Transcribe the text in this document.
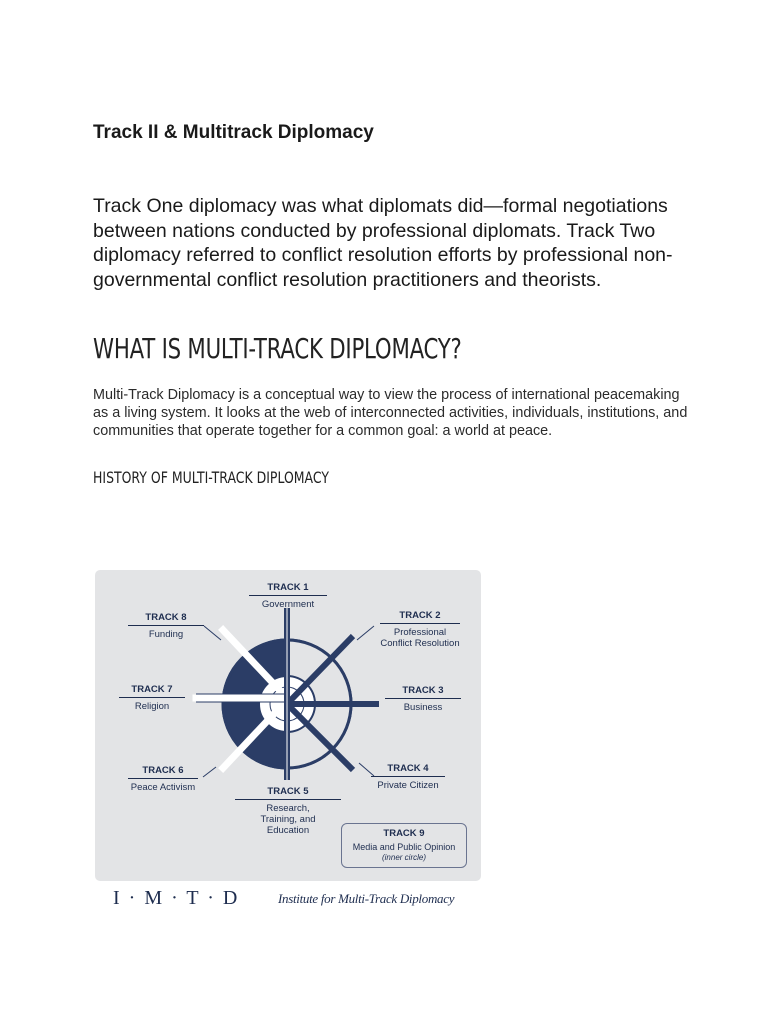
Track II & Multitrack Diplomacy

Track One diplomacy was what diplomats did—formal negotiations between nations conducted by professional diplomats. Track Two diplomacy referred to conflict resolution efforts by professional non-governmental conflict resolution practitioners and theorists.

WHAT IS MULTI-TRACK DIPLOMACY?

Multi-Track Diplomacy is a conceptual way to view the process of international peacemaking as a living system. It looks at the web of interconnected activities, individuals, institutions, and communities that operate together for a common goal: a world at peace.

HISTORY OF MULTI-TRACK DIPLOMACY
TRACK 1
Government
TRACK 2
Professional Conflict Resolution
TRACK 3
Business
TRACK 4
Private Citizen
TRACK 5
Research, Training, and Education
TRACK 6
Peace Activism
TRACK 7
Religion
TRACK 8
Funding
TRACK 9
Media and Public Opinion
(inner circle)
I · M · T · D	Institute for Multi-Track Diplomacy
